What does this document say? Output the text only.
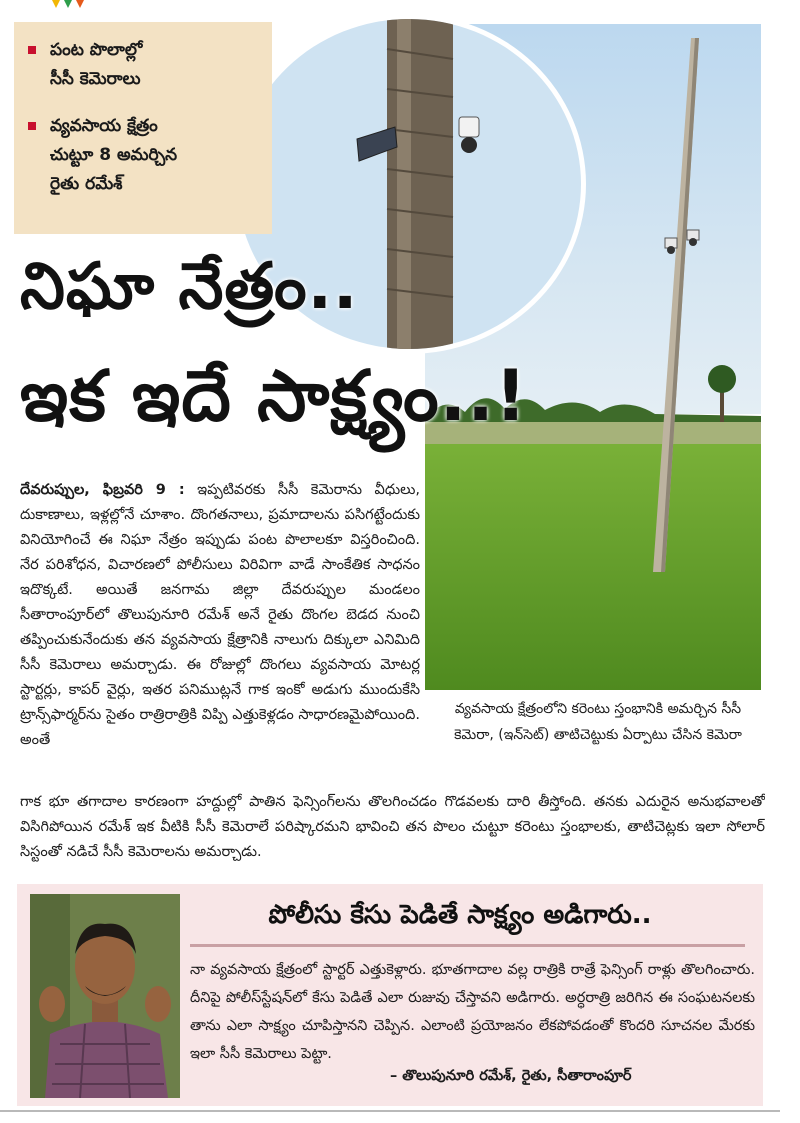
పంట పొలాల్లో
సీసీ కెమెరాలు
వ్యవసాయ క్షేత్రం
చుట్టూ 8 అమర్చిన
రైతు రమేశ్
నిఘా నేత్రం..
ఇక ఇదే సాక్ష్యం..!
దేవరుప్పుల, ఫిబ్రవరి 9 : ఇప్పటివరకు సీసీ కెమెరాను వీధులు, దుకాణాలు, ఇళ్లల్లోనే చూశాం. దొంగతనాలు, ప్రమాదాలను పసిగట్టేందుకు వినియోగించే ఈ నిఘా నేత్రం ఇప్పుడు పంట పొలాలకూ విస్తరించింది. నేర పరిశోధన, విచారణలో పోలీసులు విరివిగా వాడే సాంకేతిక సాధనం ఇదొక్కటే. అయితే జనగామ జిల్లా దేవరుప్పుల మండలం సీతారాంపూర్‌లో తొలుపునూరి రమేశ్ అనే రైతు దొంగల బెడద నుంచి తప్పించుకునేందుకు తన వ్యవసాయ క్షేత్రానికి నాలుగు దిక్కులా ఎనిమిది సీసీ కెమెరాలు అమర్చాడు. ఈ రోజుల్లో దొంగలు వ్యవసాయ మోటర్ల స్టార్టర్లు, కాపర్ వైర్లు, ఇతర పనిముట్లనే గాక ఇంకో అడుగు ముందుకేసి ట్రాన్స్‌ఫార్మర్‌ను సైతం రాత్రిరాత్రికి విప్పి ఎత్తుకెళ్లడం సాధారణమైపోయింది. అంతే
గాక భూ తగాదాల కారణంగా హద్దుల్లో పాతిన ఫెన్సింగ్‌లను తొలగించడం గొడవలకు దారి తీస్తోంది. తనకు ఎదురైన అనుభవాలతో విసిగిపోయిన రమేశ్ ఇక వీటికి సీసీ కెమెరాలే పరిష్కారమని భావించి తన పొలం చుట్టూ కరెంటు స్తంభాలకు, తాటిచెట్లకు ఇలా సోలార్ సిస్టంతో నడిచే సీసీ కెమెరాలను అమర్చాడు.
వ్యవసాయ క్షేత్రంలోని కరెంటు స్తంభానికి అమర్చిన సీసీ కెమెరా, (ఇన్‌సెట్) తాటిచెట్టుకు ఏర్పాటు చేసిన కెమెరా
పోలీసు కేసు పెడితే సాక్ష్యం అడిగారు..
నా వ్యవసాయ క్షేత్రంలో స్టార్టర్ ఎత్తుకెళ్లారు. భూతగాదాల వల్ల రాత్రికి రాత్రే ఫెన్సింగ్ రాళ్లు తొలగించారు. దీనిపై పోలీస్‌స్టేషన్‌లో కేసు పెడితే ఎలా రుజువు చేస్తావని అడిగారు. అర్ధరాత్రి జరిగిన ఈ సంఘటనలకు తాను ఎలా సాక్ష్యం చూపిస్తానని చెప్పిన. ఎలాంటి ప్రయోజనం లేకపోవడంతో కొందరి సూచనల మేరకు ఇలా సీసీ కెమెరాలు పెట్టా.
– తొలుపునూరి రమేశ్, రైతు, సీతారాంపూర్
